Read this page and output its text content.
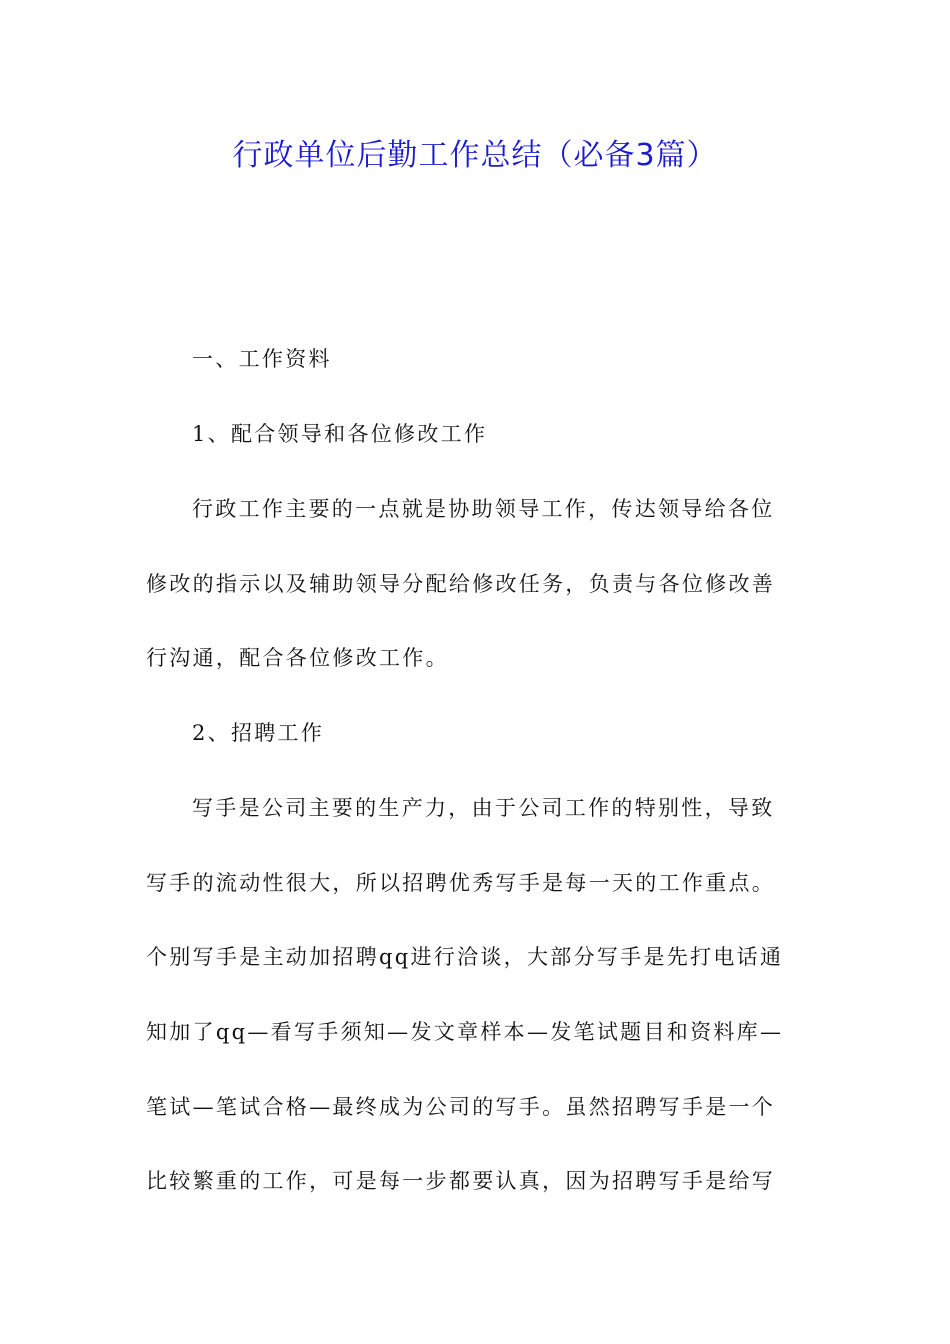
行政单位后勤工作总结（必备3篇）
一、工作资料
1、配合领导和各位修改工作
行政工作主要的一点就是协助领导工作，传达领导给各位
修改的指示以及辅助领导分配给修改任务，负责与各位修改善
行沟通，配合各位修改工作。
2、招聘工作
写手是公司主要的生产力，由于公司工作的特别性，导致
写手的流动性很大，所以招聘优秀写手是每一天的工作重点。
个别写手是主动加招聘qq进行洽谈，大部分写手是先打电话通
知加了qq—看写手须知—发文章样本—发笔试题目和资料库—
笔试—笔试合格—最终成为公司的写手。虽然招聘写手是一个
比较繁重的工作，可是每一步都要认真，因为招聘写手是给写
